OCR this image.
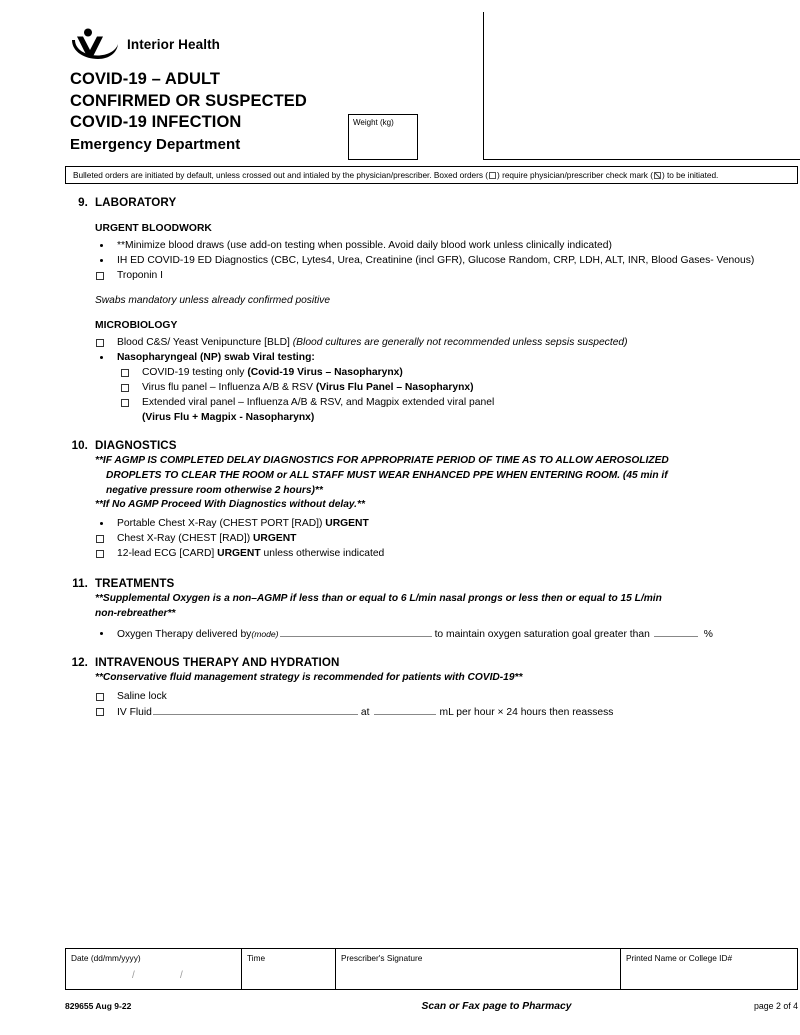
Interior Health
COVID-19 – ADULT
CONFIRMED OR SUSPECTED
COVID-19 INFECTION
Emergency Department
Weight (kg)
Bulleted orders are initiated by default, unless crossed out and intialed by the physician/prescriber. Boxed orders ( ) require physician/prescriber check mark ( ) to be initiated.
9. LABORATORY
URGENT BLOODWORK
**Minimize blood draws (use add-on testing when possible. Avoid daily blood work unless clinically indicated)
IH ED COVID-19 ED Diagnostics (CBC, Lytes4, Urea, Creatinine (incl GFR), Glucose Random, CRP, LDH, ALT, INR, Blood Gases- Venous)
Troponin I
Swabs mandatory unless already confirmed positive
MICROBIOLOGY
Blood C&S/ Yeast Venipuncture [BLD] (Blood cultures are generally not recommended unless sepsis suspected)
Nasopharyngeal (NP) swab Viral testing:
COVID-19 testing only (Covid-19 Virus – Nasopharynx)
Virus flu panel – Influenza A/B & RSV (Virus Flu Panel – Nasopharynx)
Extended viral panel – Influenza A/B & RSV, and Magpix extended viral panel
(Virus Flu + Magpix - Nasopharynx)
10. DIAGNOSTICS
**IF AGMP IS COMPLETED DELAY DIAGNOSTICS FOR APPROPRIATE PERIOD OF TIME AS TO ALLOW AEROSOLIZED
DROPLETS TO CLEAR THE ROOM or ALL STAFF MUST WEAR ENHANCED PPE WHEN ENTERING ROOM. (45 min if
negative pressure room otherwise 2 hours)**
**If No AGMP Proceed With Diagnostics without delay.**
Portable Chest X-Ray (CHEST PORT [RAD]) URGENT
Chest X-Ray (CHEST [RAD]) URGENT
12-lead ECG [CARD] URGENT unless otherwise indicated
11. TREATMENTS
**Supplemental Oxygen is a non–AGMP if less than or equal to 6 L/min nasal prongs or less then or equal to 15 L/min
non-rebreather**
Oxygen Therapy delivered by (mode)	to maintain oxygen saturation goal greater than	%
12. INTRAVENOUS THERAPY AND HYDRATION
**Conservative fluid management strategy is recommended for patients with COVID-19**
Saline lock
IV Fluid	at	mL per hour × 24 hours then reassess
Date (dd/mm/yyyy)
/	/
Time	Prescriber's Signature	Printed Name or College ID#
829655 Aug 9-22	Scan or Fax page to Pharmacy	page 2 of 4
